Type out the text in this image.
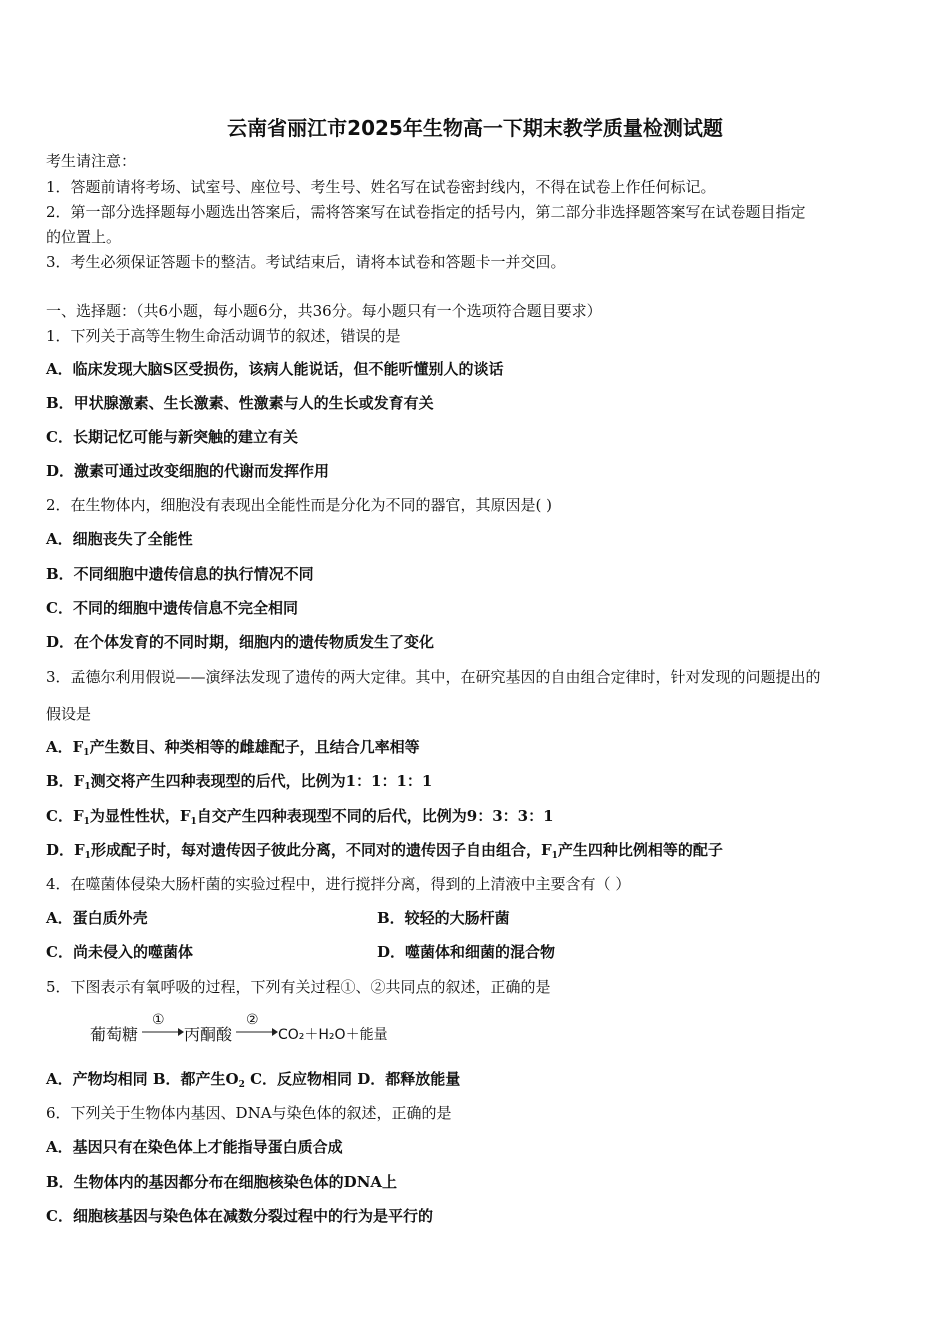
云南省丽江市2025年生物高一下期末教学质量检测试题
考生请注意：
1．答题前请将考场、试室号、座位号、考生号、姓名写在试卷密封线内，不得在试卷上作任何标记。
2．第一部分选择题每小题选出答案后，需将答案写在试卷指定的括号内，第二部分非选择题答案写在试卷题目指定
的位置上。
3．考生必须保证答题卡的整洁。考试结束后，请将本试卷和答题卡一并交回。
一、选择题：（共6小题，每小题6分，共36分。每小题只有一个选项符合题目要求）
1．下列关于高等生物生命活动调节的叙述，错误的是
A．临床发现大脑S区受损伤，该病人能说话，但不能听懂别人的谈话
B．甲状腺激素、生长激素、性激素与人的生长或发育有关
C．长期记忆可能与新突触的建立有关
D．激素可通过改变细胞的代谢而发挥作用
2．在生物体内，细胞没有表现出全能性而是分化为不同的器官，其原因是( )
A．细胞丧失了全能性
B．不同细胞中遗传信息的执行情况不同
C．不同的细胞中遗传信息不完全相同
D．在个体发育的不同时期，细胞内的遗传物质发生了变化
3．孟德尔利用假说——演绎法发现了遗传的两大定律。其中，在研究基因的自由组合定律时，针对发现的问题提出的
假设是
A．$F_1$产生数目、种类相等的雌雄配子，且结合几率相等
B．$F_1$测交将产生四种表现型的后代，比例为1：1：1：1
C．$F_1$为显性性状，$F_1$自交产生四种表现型不同的后代，比例为9：3：3：1
D．$F_1$形成配子时，每对遗传因子彼此分离，不同对的遗传因子自由组合，$F_1$产生四种比例相等的配子
4．在噬菌体侵染大肠杆菌的实验过程中，进行搅拌分离，得到的上清液中主要含有（ ）
A．蛋白质外壳	B．较轻的大肠杆菌
C．尚未侵入的噬菌体	D．噬菌体和细菌的混合物
5．下图表示有氧呼吸的过程，下列有关过程①、②共同点的叙述，正确的是
葡萄糖
①
丙酮酸
②
CO₂＋H₂O＋能量
A．产物均相同 B．都产生$O_2$ C．反应物相同 D．都释放能量
6．下列关于生物体内基因、DNA与染色体的叙述，正确的是
A．基因只有在染色体上才能指导蛋白质合成
B．生物体内的基因都分布在细胞核染色体的DNA上
C．细胞核基因与染色体在减数分裂过程中的行为是平行的
